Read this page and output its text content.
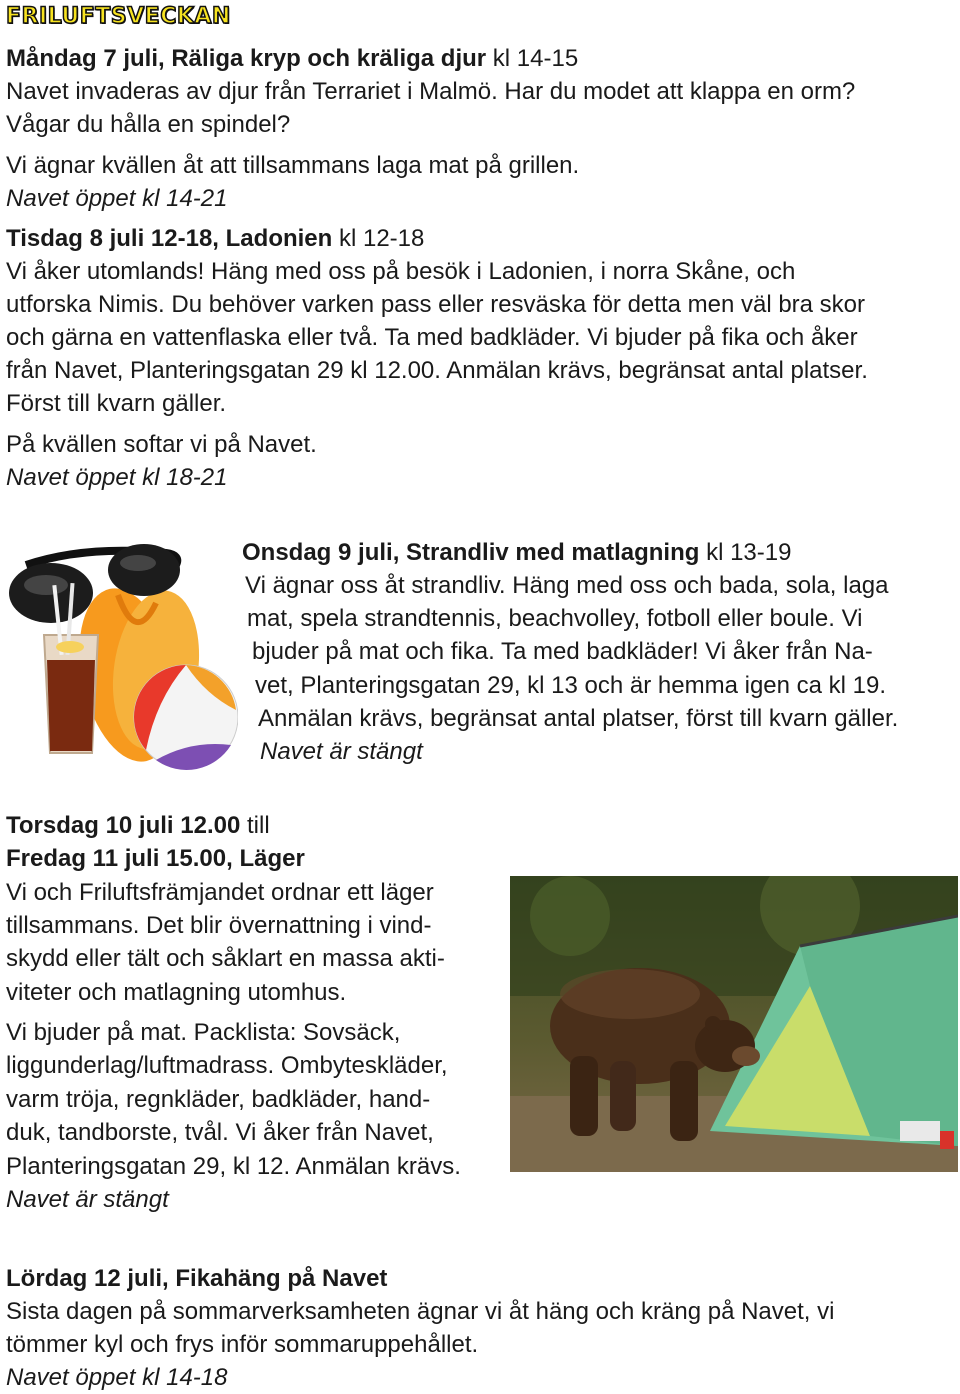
FRILUFTSVECKAN
Måndag 7 juli, Räliga kryp och kräliga djur kl 14-15
Navet invaderas av djur från Terrariet i Malmö. Har du modet att klappa en orm?
Vågar du hålla en spindel?
Vi ägnar kvällen åt att tillsammans laga mat på grillen.
Navet öppet kl 14-21
Tisdag 8 juli 12-18, Ladonien kl 12-18
Vi åker utomlands! Häng med oss på besök i Ladonien, i norra Skåne, och
utforska Nimis. Du behöver varken pass eller resväska för detta men väl bra skor
och gärna en vattenflaska eller två. Ta med badkläder. Vi bjuder på fika och åker
från Navet, Planteringsgatan 29 kl 12.00. Anmälan krävs, begränsat antal platser.
Först till kvarn gäller.
På kvällen softar vi på Navet.
Navet öppet kl 18-21
Onsdag 9 juli, Strandliv med matlagning kl 13-19
Vi ägnar oss åt strandliv. Häng med oss och bada, sola, laga
mat, spela strandtennis, beachvolley, fotboll eller boule. Vi
bjuder på mat och fika. Ta med badkläder! Vi åker från Na-
vet, Planteringsgatan 29, kl 13 och är hemma igen ca kl 19.
Anmälan krävs, begränsat antal platser, först till kvarn gäller.
Navet är stängt
Torsdag 10 juli 12.00 till
Fredag 11 juli 15.00, Läger
Vi och Friluftsfrämjandet ordnar ett läger
tillsammans. Det blir övernattning i vind-
skydd eller tält och såklart en massa akti-
viteter och matlagning utomhus.
Vi bjuder på mat. Packlista: Sovsäck,
liggunderlag/luftmadrass. Ombyteskläder,
varm tröja, regnkläder, badkläder, hand-
duk, tandborste, tvål. Vi åker från Navet,
Planteringsgatan 29, kl 12. Anmälan krävs.
Navet är stängt
Lördag 12 juli, Fikahäng på Navet
Sista dagen på sommarverksamheten ägnar vi åt häng och kräng på Navet, vi
tömmer kyl och frys inför sommaruppehållet.
Navet öppet kl 14-18
